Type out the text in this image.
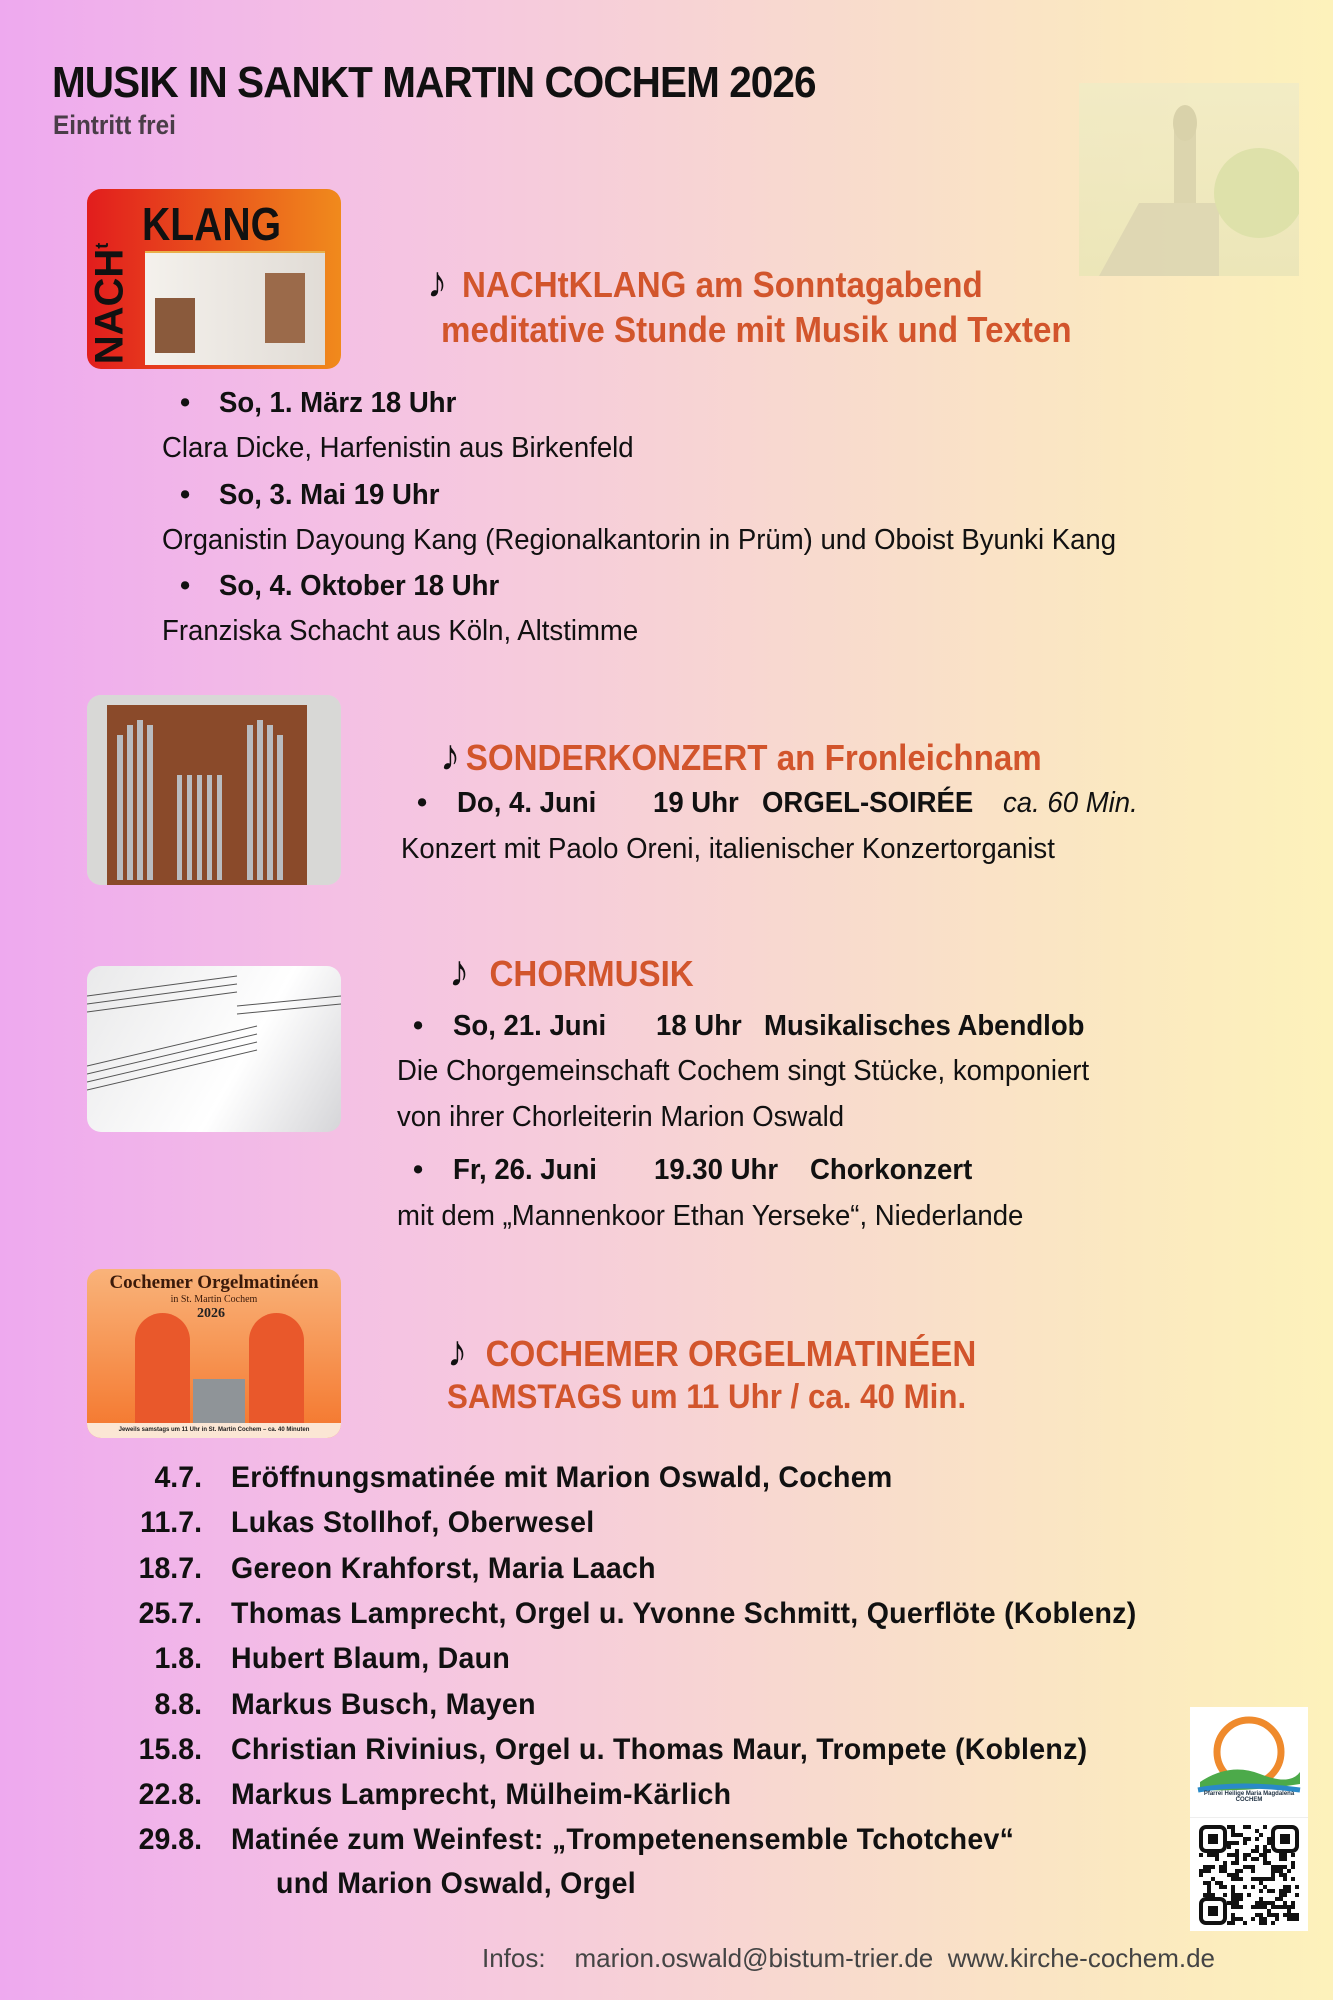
MUSIK IN SANKT MARTIN COCHEM 2026
Eintritt frei
KLANG
NACH$^t$
♪ NACHtKLANG am Sonntagabend
meditative Stunde mit Musik und Texten
• So, 1. März 18 Uhr
Clara Dicke, Harfenistin aus Birkenfeld
• So, 3. Mai 19 Uhr
Organistin Dayoung Kang (Regionalkantorin in Prüm) und Oboist Byunki Kang
• So, 4. Oktober 18 Uhr
Franziska Schacht aus Köln, Altstimme
♪ SONDERKONZERT an Fronleichnam
• Do, 4. Juni 19 Uhr ORGEL-SOIRÉE ca. 60 Min.
Konzert mit Paolo Oreni, italienischer Konzertorganist
♪ CHORMUSIK
• So, 21. Juni 18 Uhr Musikalisches Abendlob
Die Chorgemeinschaft Cochem singt Stücke, komponiert
von ihrer Chorleiterin Marion Oswald
• Fr, 26. Juni 19.30 Uhr Chorkonzert
mit dem „Mannenkoor Ethan Yerseke“, Niederlande
Cochemer Orgelmatinéen
in St. Martin Cochem
2026
Jeweils samstags um 11 Uhr in St. Martin Cochem – ca. 40 Minuten
♪ COCHEMER ORGELMATINÉEN
SAMSTAGS um 11 Uhr / ca. 40 Min.
4.7. Eröffnungsmatinée mit Marion Oswald, Cochem
11.7. Lukas Stollhof, Oberwesel
18.7. Gereon Krahforst, Maria Laach
25.7. Thomas Lamprecht, Orgel u. Yvonne Schmitt, Querflöte (Koblenz)
1.8. Hubert Blaum, Daun
8.8. Markus Busch, Mayen
15.8. Christian Rivinius, Orgel u. Thomas Maur, Trompete (Koblenz)
22.8. Markus Lamprecht, Mülheim-Kärlich
29.8. Matinée zum Weinfest: „Trompetenensemble Tchotchev“
und Marion Oswald, Orgel
Pfarrei Heilige Maria Magdalena COCHEM
Infos: marion.oswald@bistum-trier.de www.kirche-cochem.de
